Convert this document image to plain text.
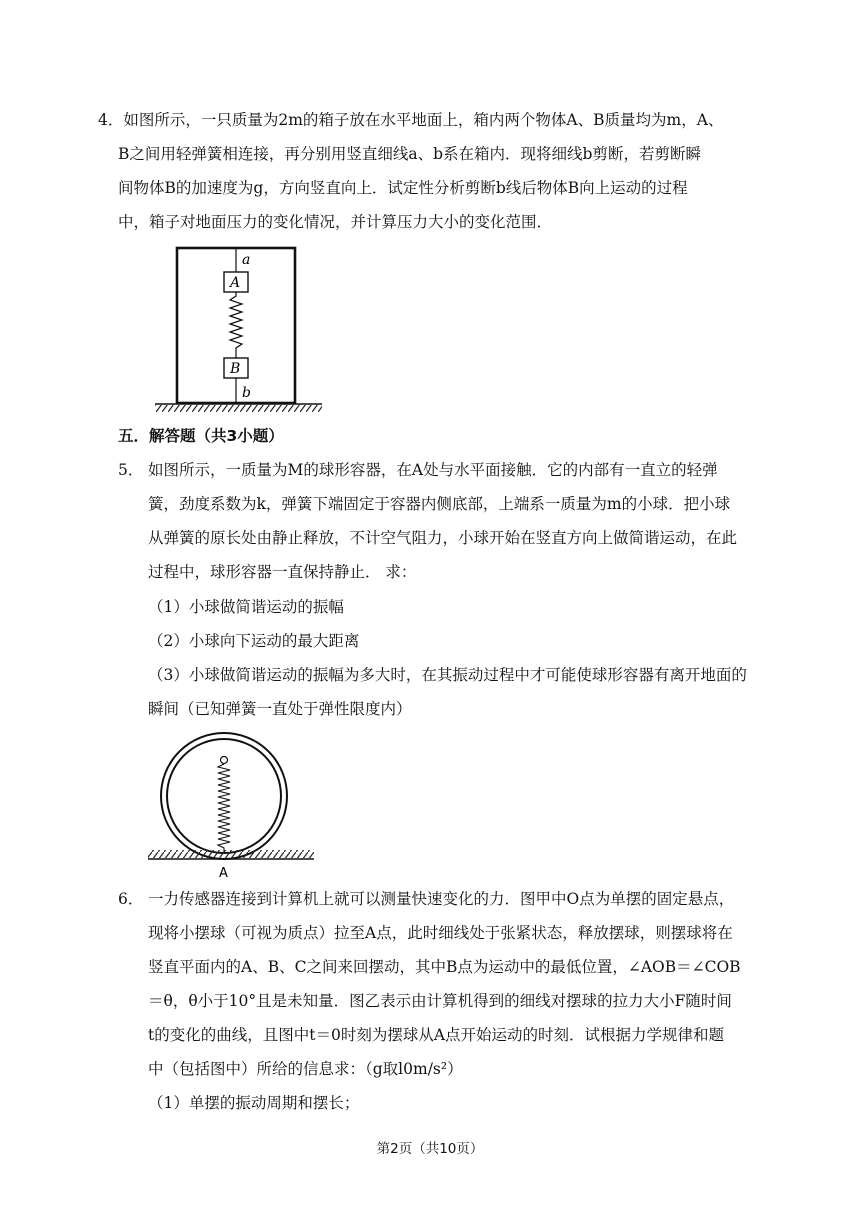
4．如图所示，一只质量为2m的箱子放在水平地面上，箱内两个物体A、B质量均为m，A、
B之间用轻弹簧相连接，再分别用竖直细线a、b系在箱内．现将细线b剪断，若剪断瞬
间物体B的加速度为g，方向竖直向上．试定性分析剪断b线后物体B向上运动的过程
中，箱子对地面压力的变化情况，并计算压力大小的变化范围．
a
A
B
b
五．解答题（共3小题）
5． 如图所示，一质量为M的球形容器，在A处与水平面接触．它的内部有一直立的轻弹
簧，劲度系数为k，弹簧下端固定于容器内侧底部，上端系一质量为m的小球．把小球
从弹簧的原长处由静止释放，不计空气阻力，小球开始在竖直方向上做简谐运动，在此
过程中，球形容器一直保持静止． 求：
（1）小球做简谐运动的振幅
（2）小球向下运动的最大距离
（3）小球做简谐运动的振幅为多大时，在其振动过程中才可能使球形容器有离开地面的
瞬间（已知弹簧一直处于弹性限度内）
A
6． 一力传感器连接到计算机上就可以测量快速变化的力．图甲中O点为单摆的固定悬点，
现将小摆球（可视为质点）拉至A点，此时细线处于张紧状态，释放摆球，则摆球将在
竖直平面内的A、B、C之间来回摆动，其中B点为运动中的最低位置，∠AOB＝∠COB
＝θ，θ小于10°且是未知量．图乙表示由计算机得到的细线对摆球的拉力大小F随时间
t的变化的曲线，且图中t＝0时刻为摆球从A点开始运动的时刻．试根据力学规律和题
中（包括图中）所给的信息求：（g取l0m/s²）
（1）单摆的振动周期和摆长；
第2页（共10页）
